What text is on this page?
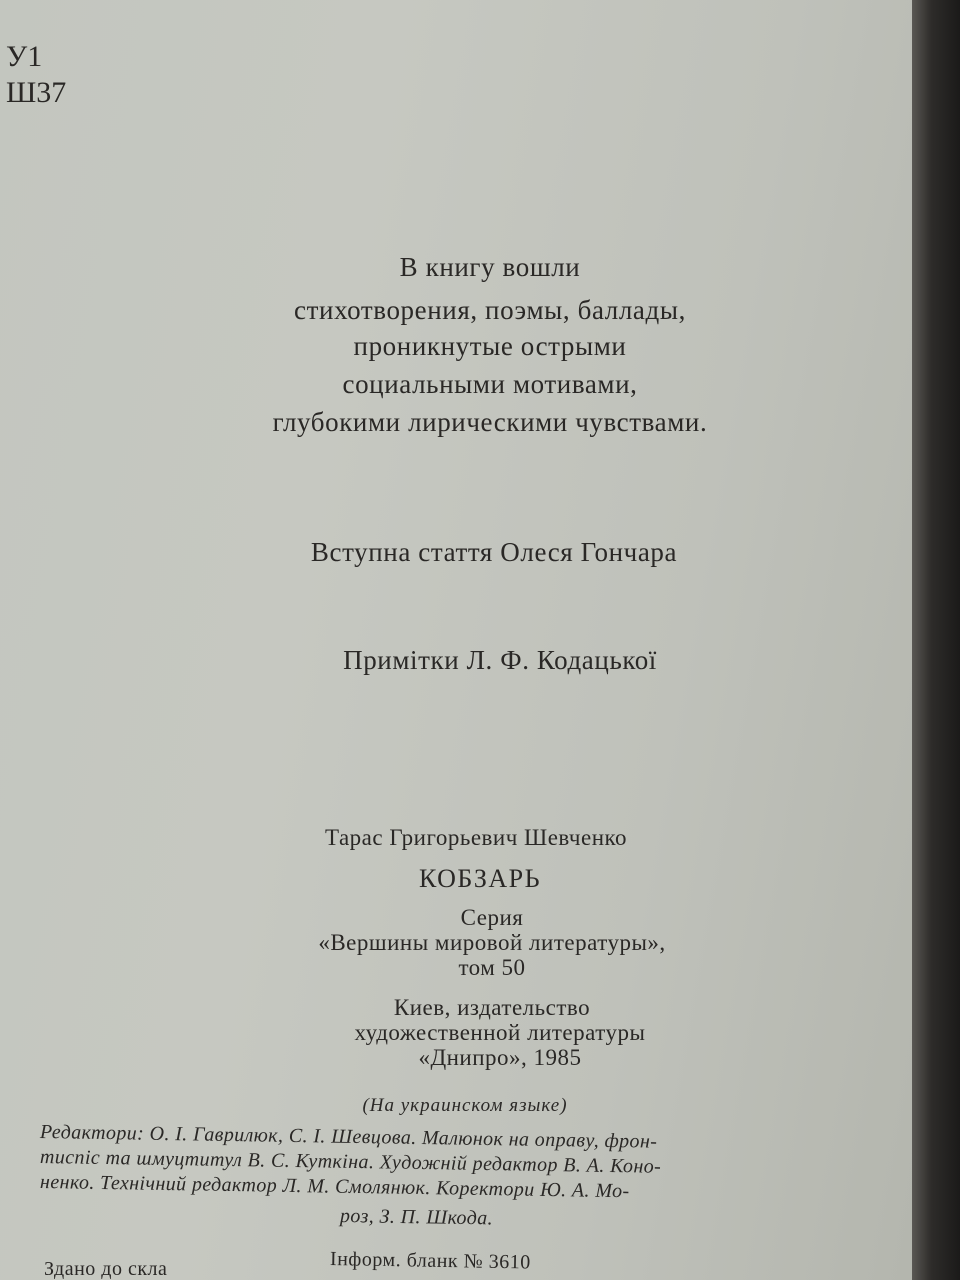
У1
Ш37
В книгу вошли
стихотворения, поэмы, баллады,
проникнутые острыми
социальными мотивами,
глубокими лирическими чувствами.
Вступна стаття Олеся Гончара
Примітки Л. Ф. Кодацької
Тарас Григорьевич Шевченко
КОБЗАРЬ
Серия
«Вершины мировой литературы»,
том 50
Киев, издательство
художественной литературы
«Днипро», 1985
(На украинском языке)
Редактори: О. І. Гаврилюк, С. І. Шевцова. Малюнок на оправу, фрон-
тиспіс та шмуцтитул В. С. Куткіна. Художній редактор В. А. Коно-
ненко. Технічний редактор Л. М. Смолянюк. Коректори Ю. А. Мо-
роз, З. П. Шкода.
Інформ. бланк № 3610
Здано до скла
